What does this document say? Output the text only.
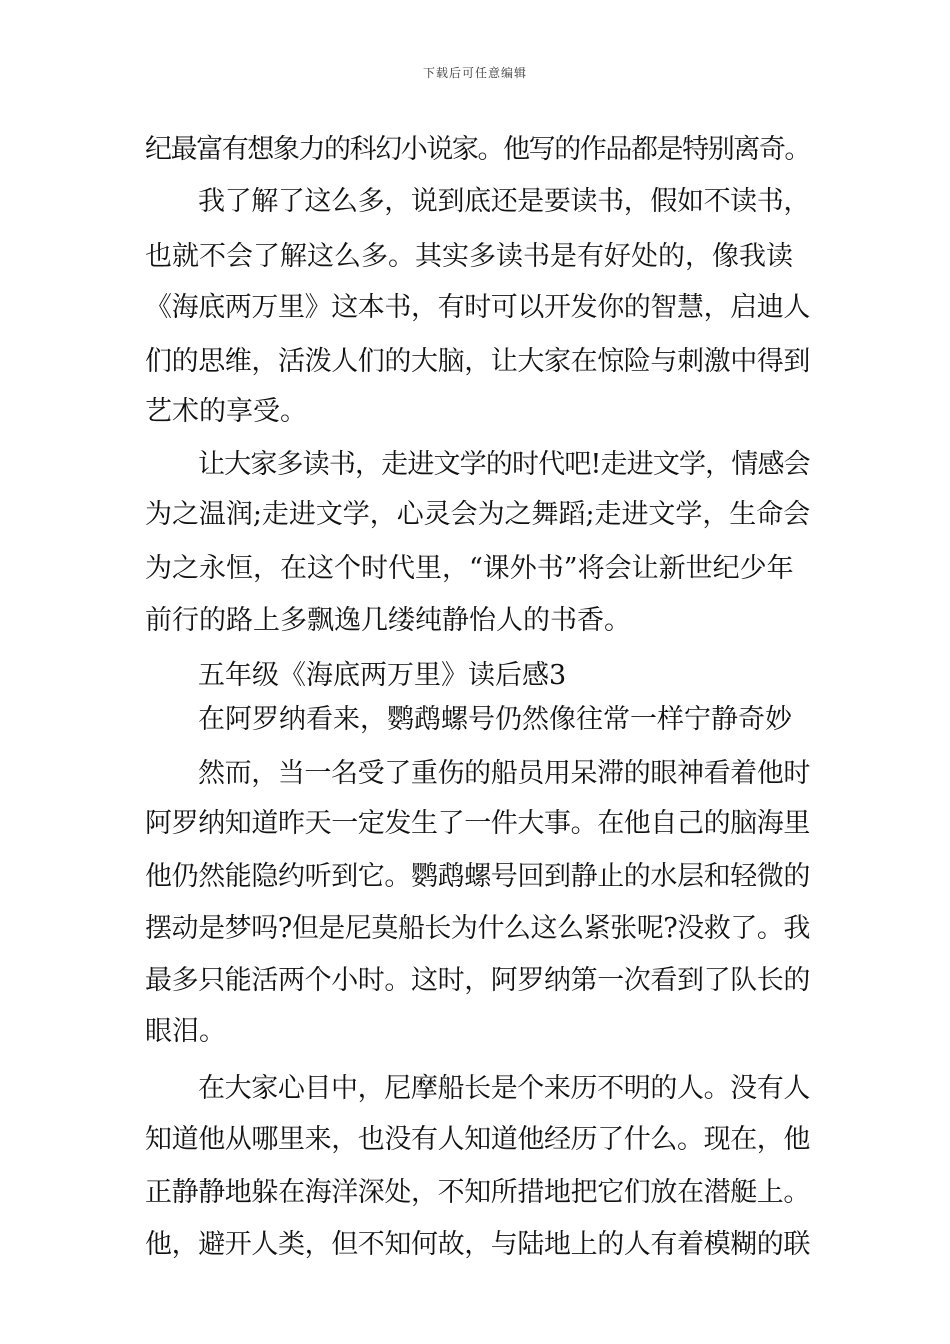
下载后可任意编辑
纪最富有想象力的科幻小说家。他写的作品都是特别离奇。
我了解了这么多，说到底还是要读书，假如不读书，
也就不会了解这么多。其实多读书是有好处的，像我读
《海底两万里》这本书，有时可以开发你的智慧，启迪人
们的思维，活泼人们的大脑，让大家在惊险与刺激中得到
艺术的享受。
让大家多读书，走进文学的时代吧!走进文学，情感会
为之温润;走进文学，心灵会为之舞蹈;走进文学，生命会
为之永恒，在这个时代里，“课外书”将会让新世纪少年
前行的路上多飘逸几缕纯静怡人的书香。
五年级《海底两万里》读后感3
在阿罗纳看来，鹦鹉螺号仍然像往常一样宁静奇妙
然而，当一名受了重伤的船员用呆滞的眼神看着他时
阿罗纳知道昨天一定发生了一件大事。在他自己的脑海里
他仍然能隐约听到它。鹦鹉螺号回到静止的水层和轻微的
摆动是梦吗?但是尼莫船长为什么这么紧张呢?没救了。我
最多只能活两个小时。这时，阿罗纳第一次看到了队长的
眼泪。
在大家心目中，尼摩船长是个来历不明的人。没有人
知道他从哪里来，也没有人知道他经历了什么。现在，他
正静静地躲在海洋深处，不知所措地把它们放在潜艇上。
他，避开人类，但不知何故，与陆地上的人有着模糊的联
